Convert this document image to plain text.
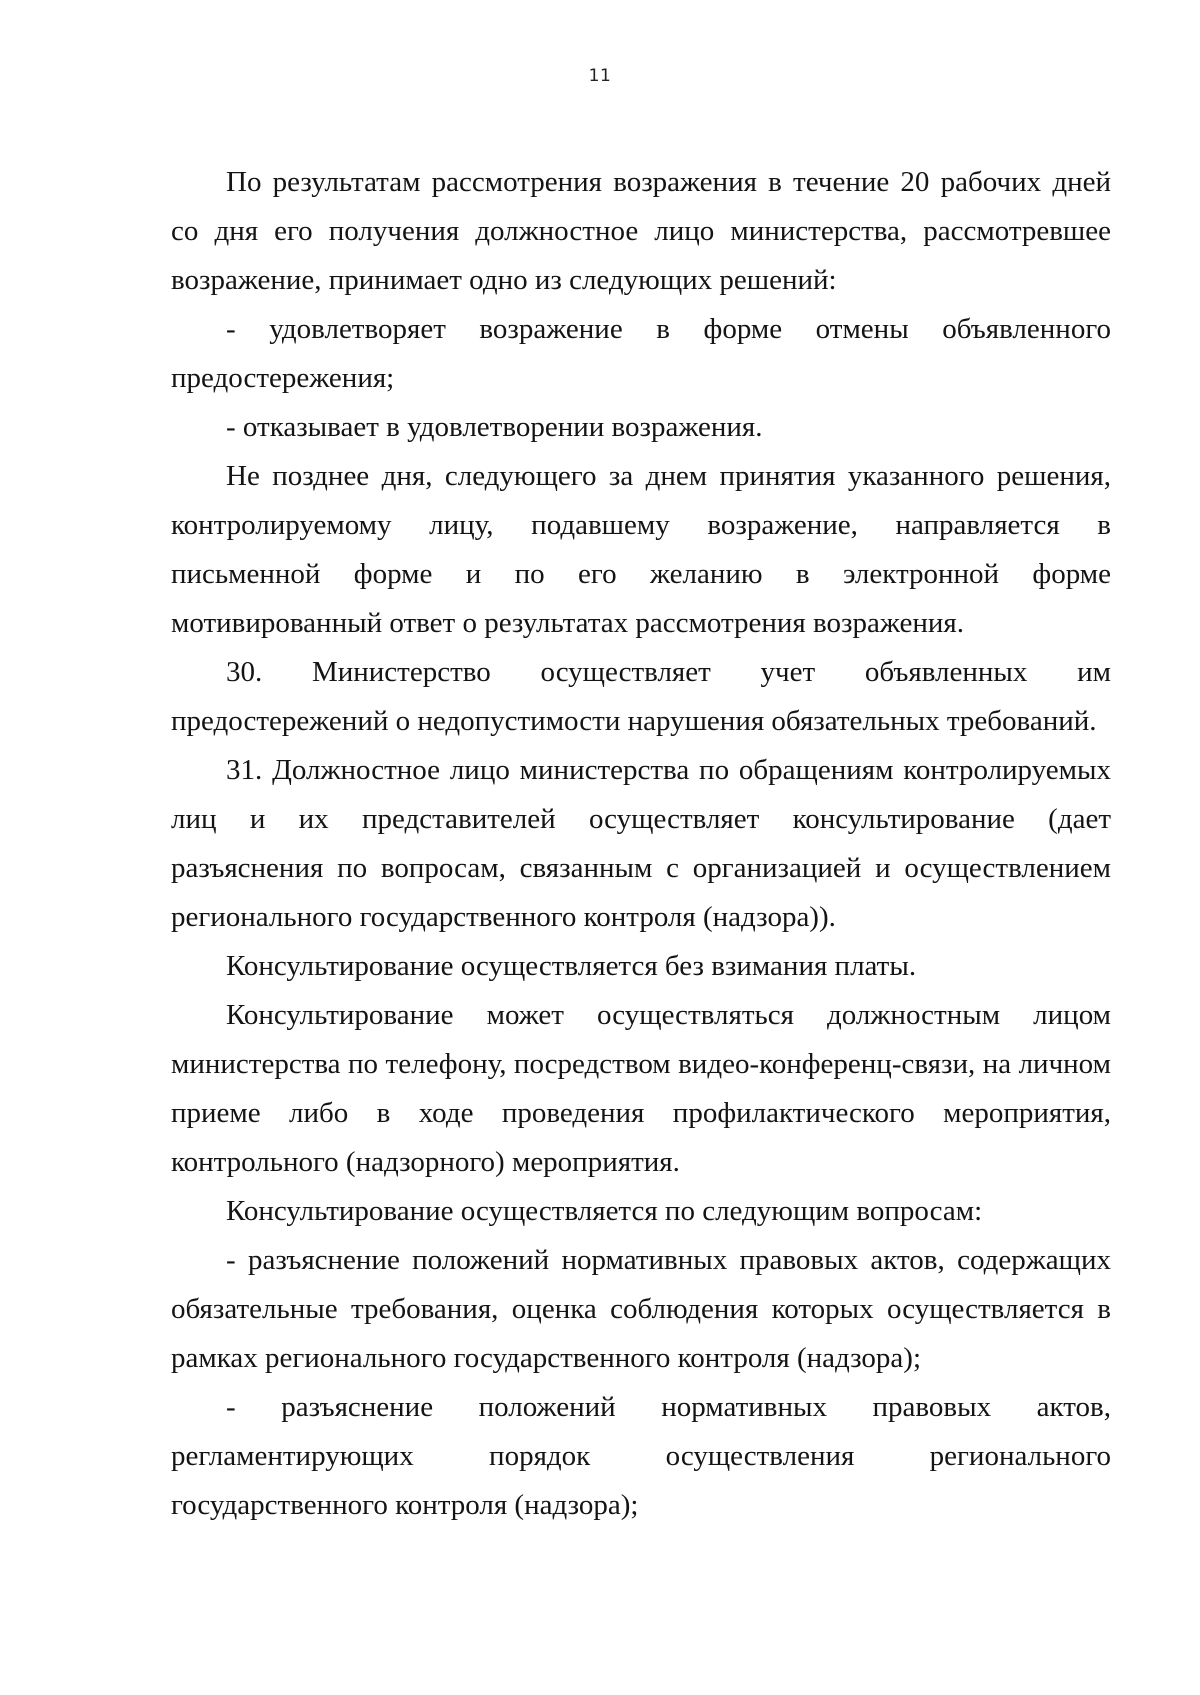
11

По результатам рассмотрения возражения в течение 20 рабочих дней со дня его получения должностное лицо министерства, рассмотревшее возражение, принимает одно из следующих решений:

- удовлетворяет возражение в форме отмены объявленного предостережения;

- отказывает в удовлетворении возражения.

Не позднее дня, следующего за днем принятия указанного решения, контролируемому лицу, подавшему возражение, направляется в письменной форме и по его желанию в электронной форме мотивированный ответ о результатах рассмотрения возражения.

30. Министерство осуществляет учет объявленных им предостережений о недопустимости нарушения обязательных требований.

31. Должностное лицо министерства по обращениям контролируемых лиц и их представителей осуществляет консультирование (дает разъяснения по вопросам, связанным с организацией и осуществлением регионального государственного контроля (надзора)).

Консультирование осуществляется без взимания платы.

Консультирование может осуществляться должностным лицом министерства по телефону, посредством видео-конференц-связи, на личном приеме либо в ходе проведения профилактического мероприятия, контрольного (надзорного) мероприятия.

Консультирование осуществляется по следующим вопросам:

- разъяснение положений нормативных правовых актов, содержащих обязательные требования, оценка соблюдения которых осуществляется в рамках регионального государственного контроля (надзора);

- разъяснение положений нормативных правовых актов, регламентирующих порядок осуществления регионального государственного контроля (надзора);
